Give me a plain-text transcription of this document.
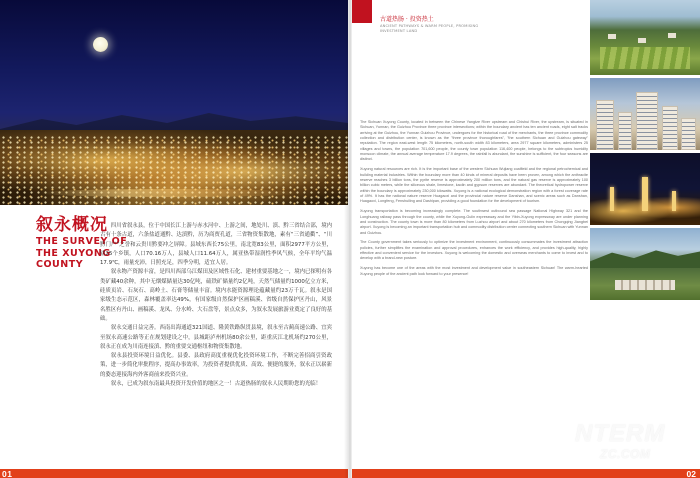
叙永概况
THE SURVEY OF THE XUYONG COUNTY

四川省叙永县，位于中国长江上游与赤水河中、上游之间，地处川、滇、黔三省结合部，境内古有十条古道，六条盐道通黔、达滇黔，历为商贾孔道，三省物资集散地，素有“三省通衢”、“川黔门户”之誉和云贵川黔要冲之屏障。县域东西长75公里，南北宽83公里，面积2977平方公里，辖25个乡镇，人口70.16万人，县城人口11.64万人，属亚热带湿润性季风气候，全年平均气温17.9℃，雨量充沛，日照充足，四季分明，适宜人居。

叙永物产资源丰富，是四川西部乌江煤田及区域性石化、建材重要基地之一，境内已探明有各类矿藏40余种，其中无烟煤储量达30亿吨，硫铁矿储量约2亿吨，天然气储量约1000亿立方米，硅质页岩、石灰石、高岭土、石膏等储量丰富。境内水能资源理论蕴藏量约23万千瓦。叙永是国家级生态示范区，森林覆盖率达49%，有国家级自然保护区画稿溪、省级自然保护区丹山，风景名胜区有丹山、画稿溪、龙凤、分水岭、大石盘等，景点众多，为叙永发展旅游业奠定了良好的基础。

叙永交通日益完善。西南出海通道321国道、隆黄铁路纵贯县境，叙永至古蔺高速公路、宜宾至叙永高速公路等正在规划建设之中，县城距泸州机场80余公里，距重庆江北机场约270公里，叙永正在成为川南连接滇、黔的重要交通枢纽和物资集散地。

叙永县投资环境日益优化。县委、县政府高度重视优化投资环境工作，不断完善招商引资政策，进一步简化审批程序，提高办事效率，为投资者提供优质、高效、便捷的服务，叙永正以崭新的姿态迎接海内外客商前来投资兴业。

叙永，已成为叙东南最具投资开发价值的地区之一！古道热肠的叙永人民期盼您的光临！

01
古道热肠 · 投资热土
ANCIENT PATHWAYS & WARM PEOPLE, PROMISING INVESTMENT LAND

The Sichuan Xuyong County, located in between the Chinese Yangtze River upstream and Chishui River, the upstream, is situated in Sichuan, Yunnan, the Guizhou Province three province intersections; within the boundary ancient has ten ancient roads, eight salt tracks arriving at the Guizhou, the Yunnan Guizhou Province, undergoes for the historical road of the merchants, the three province commodity collection and distribution center, is known as the "three province thoroughfares", "the southern Sichuan and Guizhou gateway" reputation. The region east-west length 75 kilometers, north-south width 83 kilometers, area 2977 square kilometers, administers 25 villages and towns, the population 701,600 people, the county town population 116,400 people, belongs to the subtropics humidity monsoon climate, the annual average temperature 17.9 degrees, the rainfall is abundant, the sunshine is sufficient, the four seasons are distinct.

Xuyong natural resources are rich. It is the important base of the western Sichuan Wujiang coalfield and the regional petrochemical and building material industries. Within the boundary more than 40 kinds of mineral deposits have been proven, among which the anthracite reserve reaches 3 billion tons, the pyrite reserve is approximately 200 million tons, and the natural gas reserve is approximately 100 billion cubic meters, while the siliceous shale, limestone, kaolin and gypsum reserves are abundant. The theoretical hydropower reserve within the boundary is approximately 230,000 kilowatts. Xuyong is a national ecological demonstration region with a forest coverage rate of 49%. It has the national nature reserve Huagaoxi and the provincial nature reserve Danshan, and scenic areas such as Danshan, Huagaoxi, Longfeng, Fenshuiling and Dashipan, providing a good foundation for the development of tourism.

Xuyong transportation is becoming increasingly complete. The southwest outbound sea passage National Highway 321 and the Longhuang railway pass through the county, while the Xuyong-Gulin expressway and the Yibin-Xuyong expressway are under planning and construction. The county town is more than 80 kilometers from Luzhou airport and about 270 kilometers from Chongqing Jiangbei airport. Xuyong is becoming an important transportation hub and commodity distribution center connecting southern Sichuan with Yunnan and Guizhou.

The County government takes seriously to optimize the investment environment, continuously consummates the investment attraction policies, further simplifies the examination and approval procedures, enhances the work efficiency, and provides high-quality, highly effective and convenient service for the investors. Xuyong is welcoming the domestic and overseas merchants to come to invest and to develop with a brand-new posture.

Xuyong has become one of the areas with the most investment and development value in southeastern Sichuan! The warm-hearted Xuyong people of the ancient path look forward to your presence!

02
NTERM
ZC.COM
